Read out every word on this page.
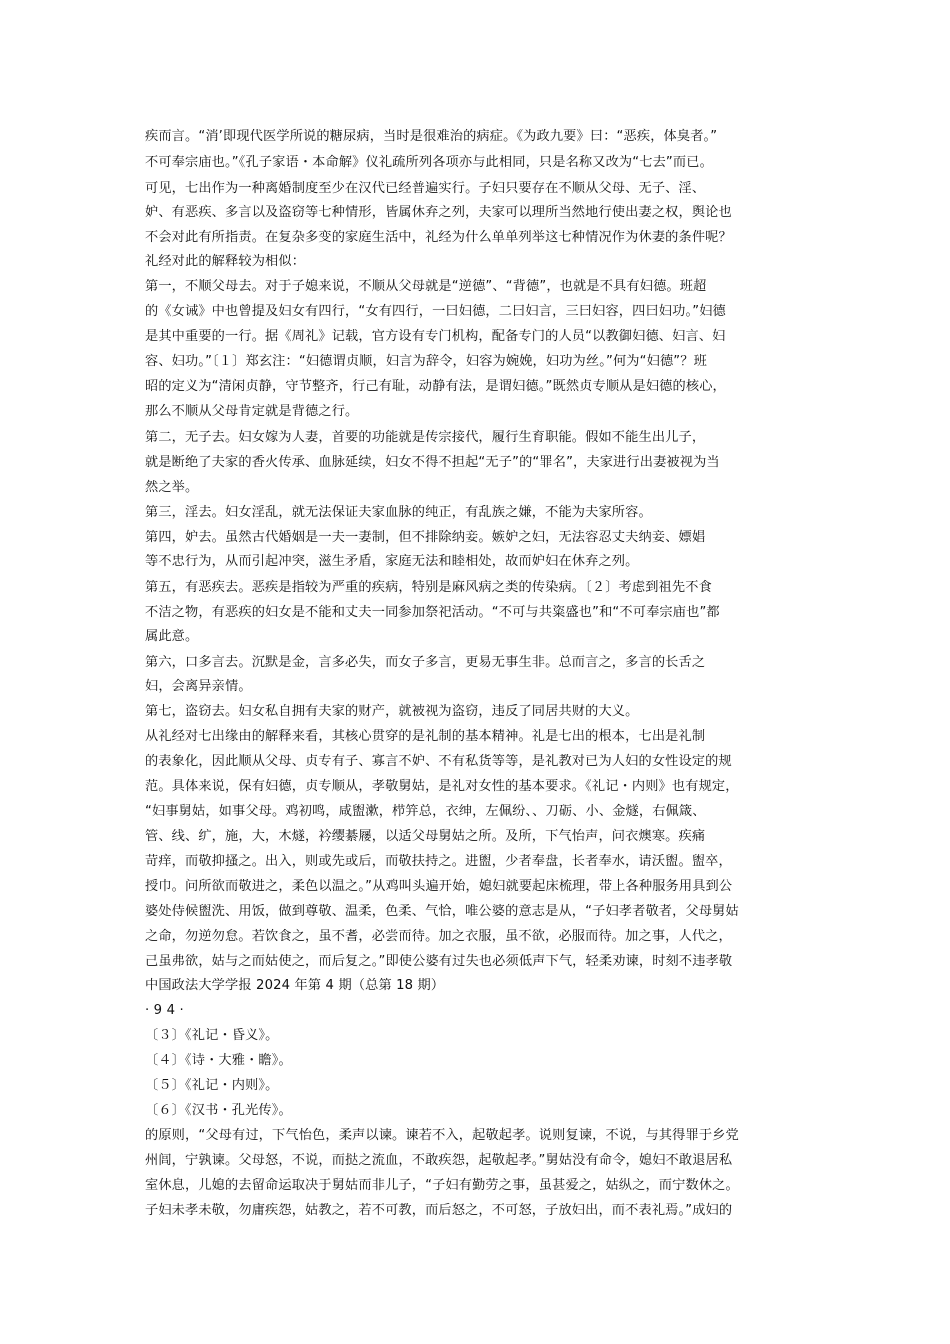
疾而言。“消’即现代医学所说的糖尿病，当时是很难治的病症。《为政九要》曰：“恶疾，体臭者。”
不可奉宗庙也。”《孔子家语・本命解》仪礼疏所列各项亦与此相同，只是名称又改为“七去”而已。
可见，七出作为一种离婚制度至少在汉代已经普遍实行。子妇只要存在不顺从父母、无子、淫、
妒、有恶疾、多言以及盗窃等七种情形，皆属休弃之列，夫家可以理所当然地行使出妻之权，舆论也
不会对此有所指责。在复杂多变的家庭生活中，礼经为什么单单列举这七种情况作为休妻的条件呢？
礼经对此的解释较为相似：
第一，不顺父母去。对于子媳来说，不顺从父母就是“逆德”、“背德”，也就是不具有妇德。班超
的《女诫》中也曾提及妇女有四行，“女有四行，一曰妇德，二曰妇言，三曰妇容，四曰妇功。”妇德
是其中重要的一行。据《周礼》记载，官方设有专门机构，配备专门的人员“以教御妇德、妇言、妇
容、妇功。”〔１〕郑玄注：“妇德谓贞顺，妇言为辞令，妇容为婉娩，妇功为丝。”何为“妇德”？班
昭的定义为“清闲贞静，守节整齐，行己有耻，动静有法，是谓妇德。”既然贞专顺从是妇德的核心，
那么不顺从父母肯定就是背德之行。
第二，无子去。妇女嫁为人妻，首要的功能就是传宗接代，履行生育职能。假如不能生出儿子，
就是断绝了夫家的香火传承、血脉延续，妇女不得不担起“无子”的“罪名”，夫家进行出妻被视为当
然之举。
第三，淫去。妇女淫乱，就无法保证夫家血脉的纯正，有乱族之嫌，不能为夫家所容。
第四，妒去。虽然古代婚姻是一夫一妻制，但不排除纳妾。嫉妒之妇，无法容忍丈夫纳妾、嫖娼
等不忠行为，从而引起冲突，滋生矛盾，家庭无法和睦相处，故而妒妇在休弃之列。
第五，有恶疾去。恶疾是指较为严重的疾病，特别是麻风病之类的传染病。〔２〕考虑到祖先不食
不洁之物，有恶疾的妇女是不能和丈夫一同参加祭祀活动。“不可与共粢盛也”和“不可奉宗庙也”都
属此意。
第六，口多言去。沉默是金，言多必失，而女子多言，更易无事生非。总而言之，多言的长舌之
妇，会离异亲情。
第七，盗窃去。妇女私自拥有夫家的财产，就被视为盗窃，违反了同居共财的大义。
从礼经对七出缘由的解释来看，其核心贯穿的是礼制的基本精神。礼是七出的根本，七出是礼制
的表象化，因此顺从父母、贞专有子、寡言不妒、不有私货等等，是礼教对已为人妇的女性设定的规
范。具体来说，保有妇德，贞专顺从，孝敬舅姑，是礼对女性的基本要求。《礼记・内则》也有规定，
“妇事舅姑，如事父母。鸡初鸣，咸盥漱，栉笄总，衣绅，左佩纷、、刀砺、小、金燧，右佩箴、
管、线、纩，施，大，木燧，衿缨綦屦，以适父母舅姑之所。及所，下气怡声，问衣燠寒。疾痛
苛痒，而敬抑搔之。出入，则或先或后，而敬扶持之。进盥，少者奉盘，长者奉水，请沃盥。盥卒，
授巾。问所欲而敬进之，柔色以温之。”从鸡叫头遍开始，媳妇就要起床梳理，带上各种服务用具到公
婆处侍候盥洗、用饭，做到尊敬、温柔，色柔、气恰，唯公婆的意志是从，“子妇孝者敬者，父母舅姑
之命，勿逆勿怠。若饮食之，虽不耆，必尝而待。加之衣服，虽不欲，必服而待。加之事，人代之，
己虽弗欲，姑与之而姑使之，而后复之。”即使公婆有过失也必须低声下气，轻柔劝谏，时刻不违孝敬
中国政法大学学报 2024 年第 4 期（总第 18 期）
· 9 4 ·
〔３〕《礼记・昏义》。
〔４〕《诗・大雅・瞻》。
〔５〕《礼记・内则》。
〔６〕《汉书・孔光传》。
的原则，“父母有过，下气怡色，柔声以谏。谏若不入，起敬起孝。说则复谏，不说，与其得罪于乡党
州闾，宁孰谏。父母怒，不说，而挞之流血，不敢疾怨，起敬起孝。”舅姑没有命令，媳妇不敢退居私
室休息，儿媳的去留命运取决于舅姑而非儿子，“子妇有勤劳之事，虽甚爱之，姑纵之，而宁数休之。
子妇未孝未敬，勿庸疾怨，姑教之，若不可教，而后怒之，不可怒，子放妇出，而不表礼焉。”成妇的
